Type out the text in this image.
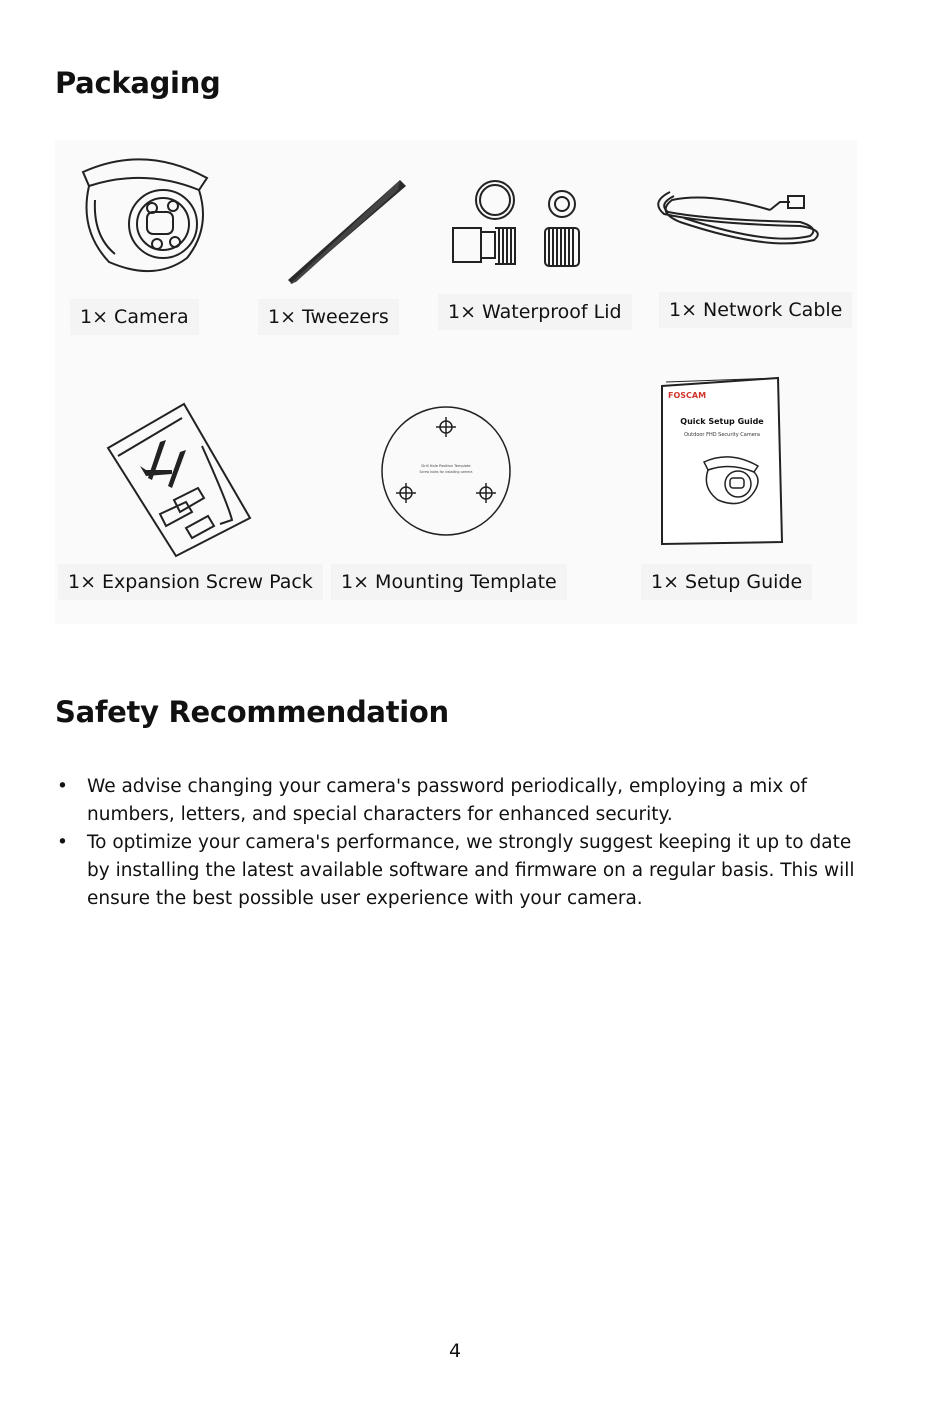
Packaging
1× Camera	1× Tweezers	1× Waterproof Lid	1× Network Cable
1× Expansion Screw Pack
Drill Hole Position Template
Screw holes for installing camera
1× Mounting Template
FOSCAM
Quick Setup Guide
Outdoor FHD Security Camera
1× Setup Guide
Safety Recommendation
• We advise changing your camera's password periodically, employing a mix of numbers, letters, and special characters for enhanced security.
• To optimize your camera's performance, we strongly suggest keeping it up to date by installing the latest available software and firmware on a regular basis. This will ensure the best possible user experience with your camera.
4
